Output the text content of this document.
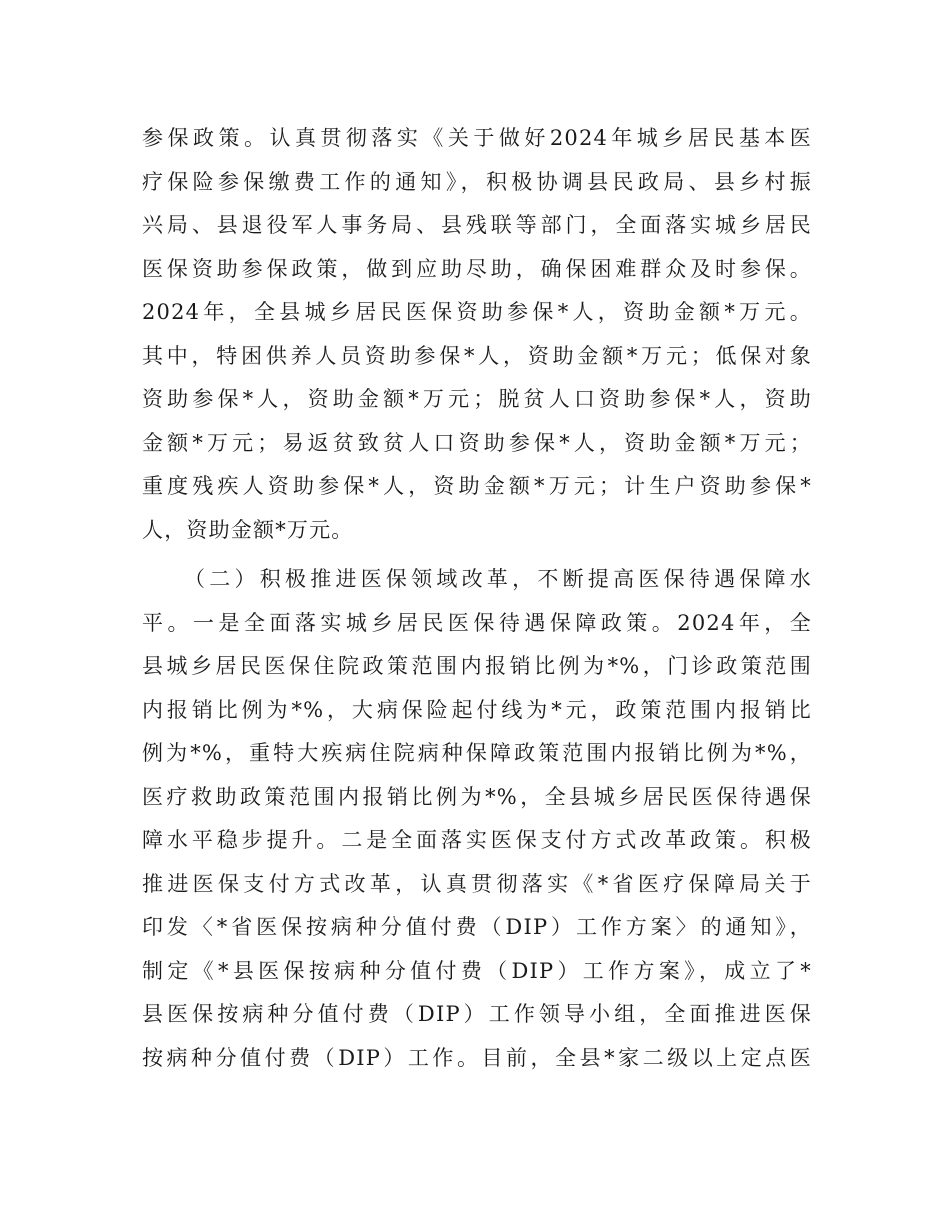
参保政策。认真贯彻落实《关于做好2024年城乡居民基本医
疗保险参保缴费工作的通知》，积极协调县民政局、县乡村振
兴局、县退役军人事务局、县残联等部门，全面落实城乡居民
医保资助参保政策，做到应助尽助，确保困难群众及时参保。
2024年，全县城乡居民医保资助参保*人，资助金额*万元。
其中，特困供养人员资助参保*人，资助金额*万元；低保对象
资助参保*人，资助金额*万元；脱贫人口资助参保*人，资助
金额*万元；易返贫致贫人口资助参保*人，资助金额*万元；
重度残疾人资助参保*人，资助金额*万元；计生户资助参保*
人，资助金额*万元。
（二）积极推进医保领域改革，不断提高医保待遇保障水
平。一是全面落实城乡居民医保待遇保障政策。2024年，全
县城乡居民医保住院政策范围内报销比例为*%，门诊政策范围
内报销比例为*%，大病保险起付线为*元，政策范围内报销比
例为*%，重特大疾病住院病种保障政策范围内报销比例为*%，
医疗救助政策范围内报销比例为*%，全县城乡居民医保待遇保
障水平稳步提升。二是全面落实医保支付方式改革政策。积极
推进医保支付方式改革，认真贯彻落实《*省医疗保障局关于
印发〈*省医保按病种分值付费（DIP）工作方案〉的通知》，
制定《*县医保按病种分值付费（DIP）工作方案》，成立了*
县医保按病种分值付费（DIP）工作领导小组，全面推进医保
按病种分值付费（DIP）工作。目前，全县*家二级以上定点医
